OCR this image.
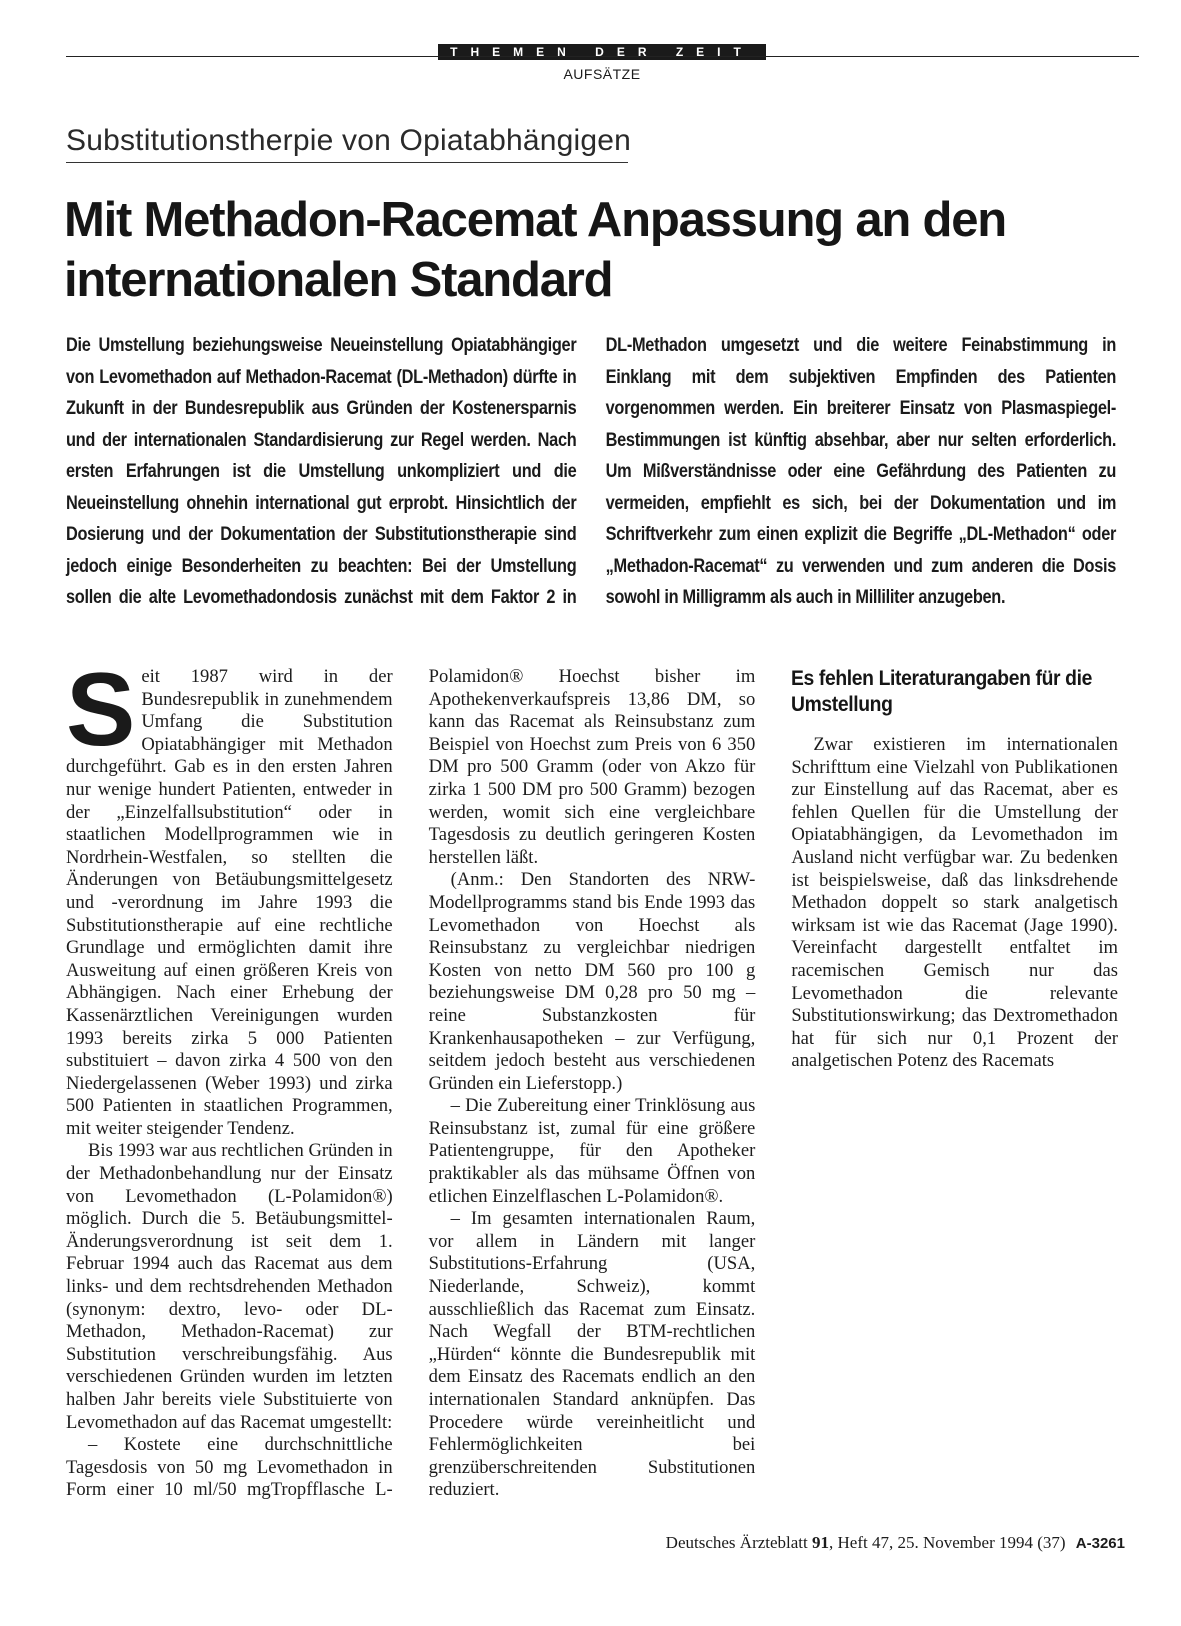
THEMEN DER ZEIT
AUFSÄTZE
Substitutionstherpie von Opiatabhängigen
Mit Methadon-Racemat Anpassung an den internationalen Standard
Die Umstellung beziehungsweise Neueinstellung Opiatabhängiger von Levomethadon auf Methadon-Racemat (DL-Methadon) dürfte in Zukunft in der Bundesrepublik aus Gründen der Kostenersparnis und der internationalen Standardisierung zur Regel werden. Nach ersten Erfahrungen ist die Umstellung unkompliziert und die Neueinstellung ohnehin international gut erprobt. Hinsichtlich der Dosierung und der Dokumentation der Substitutionstherapie sind jedoch einige Besonderheiten zu beachten: Bei der Umstellung sollen die alte Levomethadondosis zunächst mit dem Faktor 2 in DL-Methadon umgesetzt und die weitere Feinabstimmung in Einklang mit dem subjektiven Empfinden des Patienten vorgenommen werden. Ein breiterer Einsatz von Plasmaspiegel-Bestimmungen ist künftig absehbar, aber nur selten erforderlich. Um Mißverständnisse oder eine Gefährdung des Patienten zu vermeiden, empfiehlt es sich, bei der Dokumentation und im Schriftverkehr zum einen explizit die Begriffe „DL-Methadon“ oder „Methadon-Racemat“ zu verwenden und zum anderen die Dosis sowohl in Milligramm als auch in Milliliter anzugeben.

Seit 1987 wird in der Bundesrepublik in zunehmendem Umfang die Substitution Opiatabhängiger mit Methadon durchgeführt. Gab es in den ersten Jahren nur wenige hundert Patienten, entweder in der „Einzelfallsubstitution“ oder in staatlichen Modellprogrammen wie in Nordrhein-Westfalen, so stellten die Änderungen von Betäubungsmittelgesetz und -verordnung im Jahre 1993 die Substitutionstherapie auf eine rechtliche Grundlage und ermöglichten damit ihre Ausweitung auf einen größeren Kreis von Abhängigen. Nach einer Erhebung der Kassenärztlichen Vereinigungen wurden 1993 bereits zirka 5 000 Patienten substituiert – davon zirka 4 500 von den Niedergelassenen (Weber 1993) und zirka 500 Patienten in staatlichen Programmen, mit weiter steigender Tendenz.

Bis 1993 war aus rechtlichen Gründen in der Methadonbehandlung nur der Einsatz von Levomethadon (L-Polamidon®) möglich. Durch die 5. Betäubungsmittel-Änderungsverordnung ist seit dem 1. Februar 1994 auch das Racemat aus dem links- und dem rechtsdrehenden Methadon (synonym: dextro, levo- oder DL-Methadon, Methadon-Racemat) zur Substitution verschreibungsfähig. Aus verschiedenen Gründen wurden im letzten halben Jahr bereits viele Substituierte von Levomethadon auf das Racemat umgestellt:

– Kostete eine durchschnittliche Tagesdosis von 50 mg Levomethadon in Form einer 10 ml/50 mgTropfflasche L-Polamidon® Hoechst bisher im Apothekenverkaufspreis 13,86 DM, so kann das Racemat als Reinsubstanz zum Beispiel von Hoechst zum Preis von 6 350 DM pro 500 Gramm (oder von Akzo für zirka 1 500 DM pro 500 Gramm) bezogen werden, womit sich eine vergleichbare Tagesdosis zu deutlich geringeren Kosten herstellen läßt.

(Anm.: Den Standorten des NRW-Modellprogramms stand bis Ende 1993 das Levomethadon von Hoechst als Reinsubstanz zu vergleichbar niedrigen Kosten von netto DM 560 pro 100 g beziehungsweise DM 0,28 pro 50 mg – reine Substanzkosten für Krankenhausapotheken – zur Verfügung, seitdem jedoch besteht aus verschiedenen Gründen ein Lieferstopp.)

– Die Zubereitung einer Trinklösung aus Reinsubstanz ist, zumal für eine größere Patientengruppe, für den Apotheker praktikabler als das mühsame Öffnen von etlichen Einzelflaschen L-Polamidon®.

– Im gesamten internationalen Raum, vor allem in Ländern mit langer Substitutions-Erfahrung (USA, Niederlande, Schweiz), kommt ausschließlich das Racemat zum Einsatz. Nach Wegfall der BTM-rechtlichen „Hürden“ könnte die Bundesrepublik mit dem Einsatz des Racemats endlich an den internationalen Standard anknüpfen. Das Procedere würde vereinheitlicht und Fehlermöglichkeiten bei grenzüberschreitenden Substitutionen reduziert.

Es fehlen Literaturangaben für die Umstellung

Zwar existieren im internationalen Schrifttum eine Vielzahl von Publikationen zur Einstellung auf das Racemat, aber es fehlen Quellen für die Umstellung der Opiatabhängigen, da Levomethadon im Ausland nicht verfügbar war. Zu bedenken ist beispielsweise, daß das linksdrehende Methadon doppelt so stark analgetisch wirksam ist wie das Racemat (Jage 1990). Vereinfacht dargestellt entfaltet im racemischen Gemisch nur das Levomethadon die relevante Substitutionswirkung; das Dextromethadon hat für sich nur 0,1 Prozent der analgetischen Potenz des Racemats

Deutsches Ärzteblatt 91, Heft 47, 25. November 1994 (37) A-3261
